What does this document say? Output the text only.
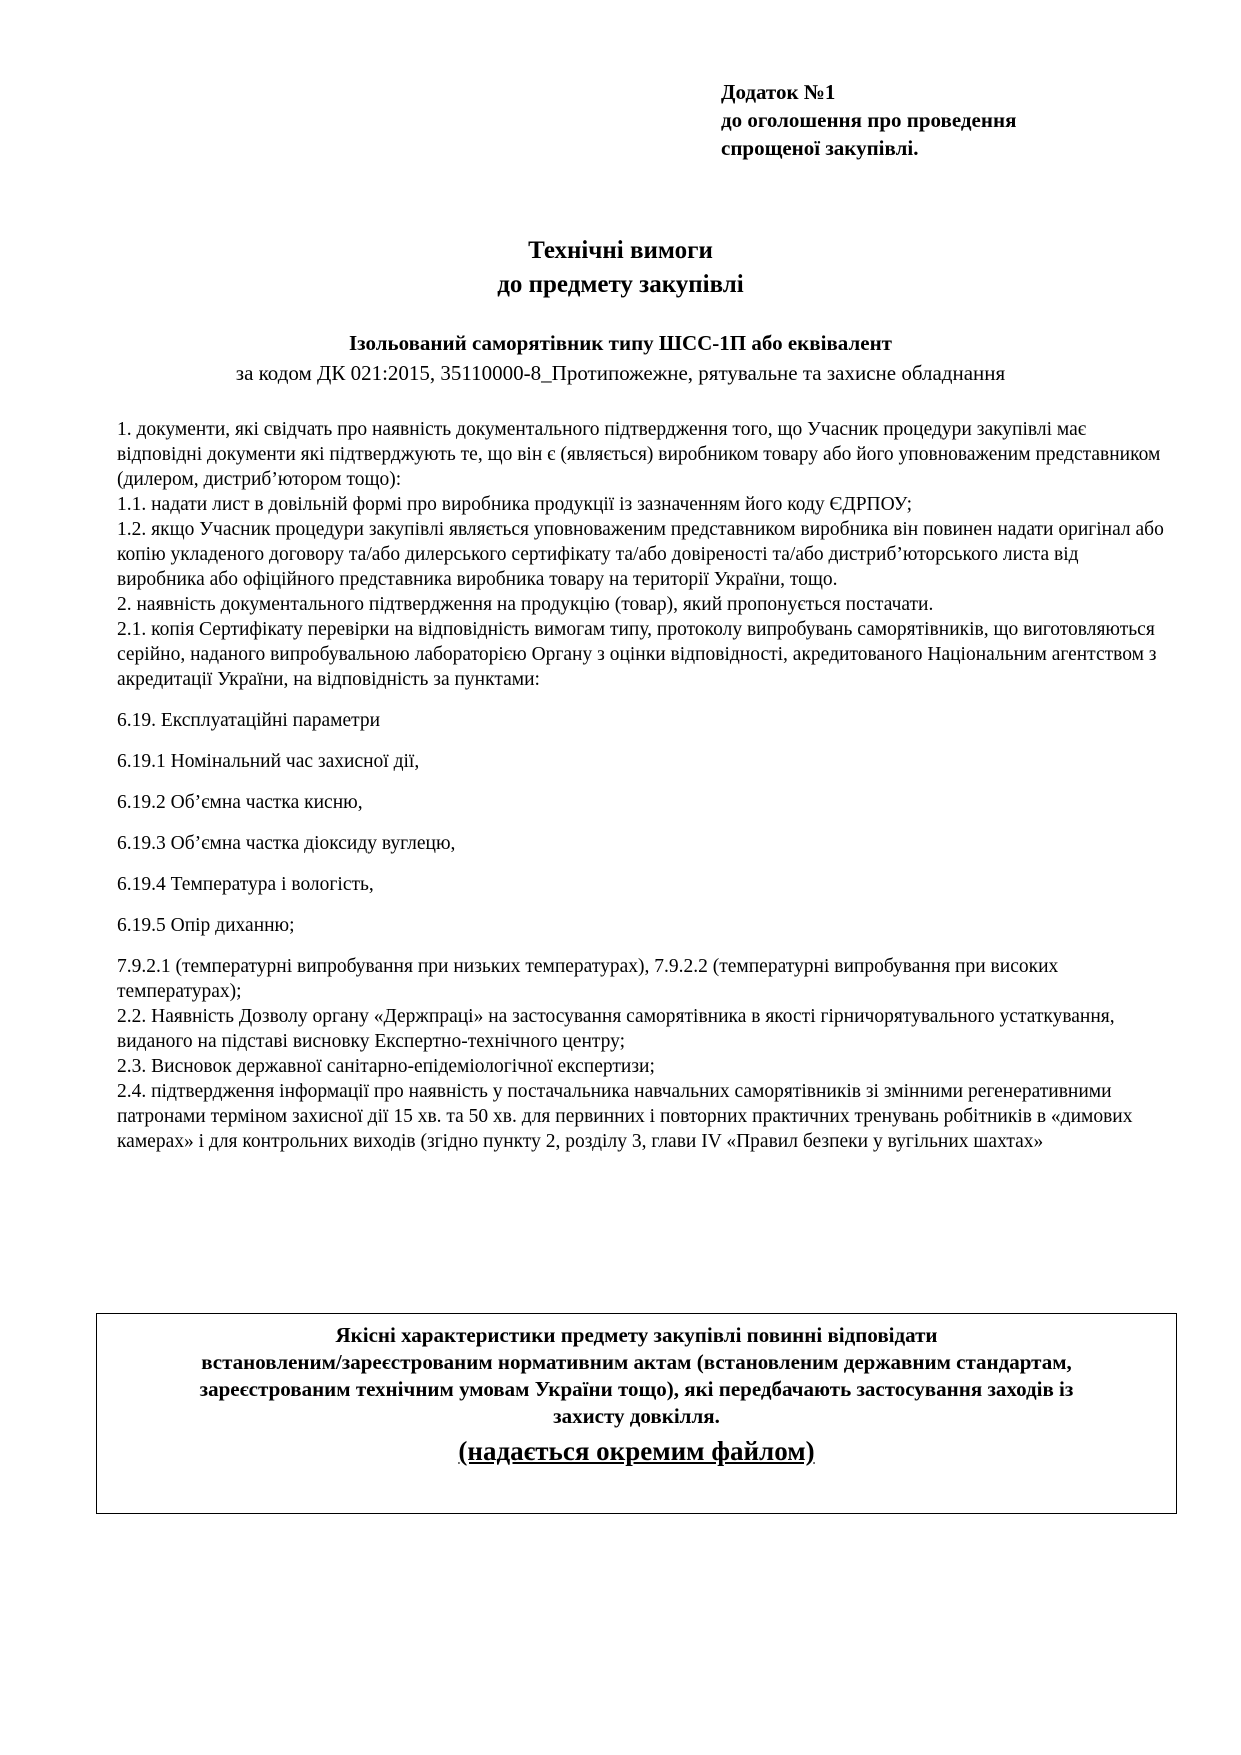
Додаток №1
до оголошення про проведення
спрощеної закупівлі.
Технічні вимоги
до предмету закупівлі
Ізольований саморятівник типу ШСС-1П або еквівалент
за кодом ДК 021:2015, 35110000-8_Протипожежне, рятувальне та захисне обладнання

1. документи, які свідчать про наявність документального підтвердження того, що Учасник процедури закупівлі має відповідні документи які підтверджують те, що він є (являється) виробником товару або його уповноваженим представником (дилером, дистриб’ютором тощо):

1.1. надати лист в довільній формі про виробника продукції із зазначенням його коду ЄДРПОУ;

1.2. якщо Учасник процедури закупівлі являється уповноваженим представником виробника він повинен надати оригінал або копію укладеного договору та/або дилерського сертифікату та/або довіреності та/або дистриб’юторського листа від виробника або офіційного представника виробника товару на території України, тощо.

2. наявність документального підтвердження на продукцію (товар), який пропонується постачати.

2.1. копія Сертифікату перевірки на відповідність вимогам типу, протоколу випробувань саморятівників, що виготовляються серійно, наданого випробувальною лабораторією Органу з оцінки відповідності, акредитованого Національним агентством з акредитації України, на відповідність за пунктами:

6.19. Експлуатаційні параметри

6.19.1 Номінальний час захисної дії,

6.19.2 Об’ємна частка кисню,

6.19.3 Об’ємна частка діоксиду вуглецю,

6.19.4 Температура і вологість,

6.19.5 Опір диханню;

7.9.2.1 (температурні випробування при низьких температурах), 7.9.2.2 (температурні випробування при високих температурах);

2.2. Наявність Дозволу органу «Держпраці» на застосування саморятівника в якості гірничорятувального устаткування, виданого на підставі висновку Експертно-технічного центру;

2.3. Висновок державної санітарно-епідеміологічної експертизи;

2.4. підтвердження інформації про наявність у постачальника навчальних саморятівників зі змінними регенеративними патронами терміном захисної дії 15 хв. та 50 хв. для первинних і повторних практичних тренувань робітників в «димових камерах» і для контрольних виходів (згідно пункту 2, розділу 3, глави IV «Правил безпеки у вугільних шахтах»

Якісні характеристики предмету закупівлі повинні відповідати
встановленим/зареєстрованим нормативним актам (встановленим державним стандартам,
зареєстрованим технічним умовам України тощо), які передбачають застосування заходів із
захисту довкілля.
(надається окремим файлом)
